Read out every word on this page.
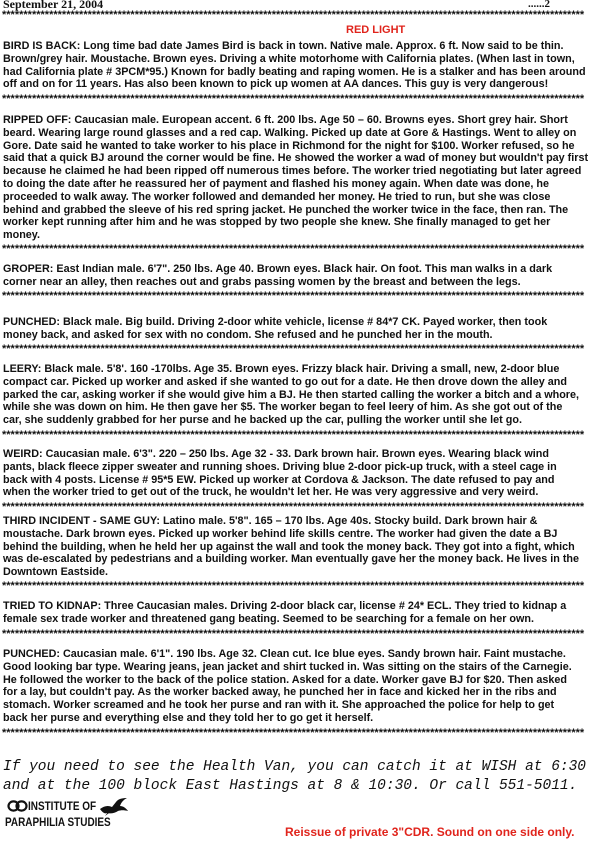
September 21, 2004	......2
****************************************************************************************************************************************
RED LIGHT
BIRD IS BACK: Long time bad date James Bird is back in town. Native male. Approx. 6 ft. Now said to be thin.
Brown/grey hair. Moustache. Brown eyes. Driving a white motorhome with California plates. (When last in town,
had California plate # 3PCM*95.) Known for badly beating and raping women. He is a stalker and has been around
off and on for 11 years. Has also been known to pick up women at AA dances. This guy is very dangerous!
****************************************************************************************************************************************
RIPPED OFF: Caucasian male. European accent. 6 ft. 200 lbs. Age 50 – 60. Browns eyes. Short grey hair. Short
beard. Wearing large round glasses and a red cap. Walking. Picked up date at Gore & Hastings. Went to alley on
Gore. Date said he wanted to take worker to his place in Richmond for the night for $100. Worker refused, so he
said that a quick BJ around the corner would be fine. He showed the worker a wad of money but wouldn't pay first
because he claimed he had been ripped off numerous times before. The worker tried negotiating but later agreed
to doing the date after he reassured her of payment and flashed his money again. When date was done, he
proceeded to walk away. The worker followed and demanded her money. He tried to run, but she was close
behind and grabbed the sleeve of his red spring jacket. He punched the worker twice in the face, then ran. The
worker kept running after him and he was stopped by two people she knew. She finally managed to get her
money.
****************************************************************************************************************************************
GROPER: East Indian male. 6'7". 250 lbs. Age 40. Brown eyes. Black hair. On foot. This man walks in a dark
corner near an alley, then reaches out and grabs passing women by the breast and between the legs.
****************************************************************************************************************************************
PUNCHED: Black male. Big build. Driving 2-door white vehicle, license # 84*7 CK. Payed worker, then took
money back, and asked for sex with no condom. She refused and he punched her in the mouth.
****************************************************************************************************************************************
LEERY: Black male. 5'8'. 160 -170lbs. Age 35. Brown eyes. Frizzy black hair. Driving a small, new, 2-door blue
compact car. Picked up worker and asked if she wanted to go out for a date. He then drove down the alley and
parked the car, asking worker if she would give him a BJ. He then started calling the worker a bitch and a whore,
while she was down on him. He then gave her $5. The worker began to feel leery of him. As she got out of the
car, she suddenly grabbed for her purse and he backed up the car, pulling the worker until she let go.
****************************************************************************************************************************************
WEIRD: Caucasian male. 6'3". 220 – 250 lbs. Age 32 - 33. Dark brown hair. Brown eyes. Wearing black wind
pants, black fleece zipper sweater and running shoes. Driving blue 2-door pick-up truck, with a steel cage in
back with 4 posts. License # 95*5 EW. Picked up worker at Cordova & Jackson. The date refused to pay and
when the worker tried to get out of the truck, he wouldn't let her. He was very aggressive and very weird.
****************************************************************************************************************************************
THIRD INCIDENT - SAME GUY: Latino male. 5'8". 165 – 170 lbs. Age 40s. Stocky build. Dark brown hair &
moustache. Dark brown eyes. Picked up worker behind life skills centre. The worker had given the date a BJ
behind the building, when he held her up against the wall and took the money back. They got into a fight, which
was de-escalated by pedestrians and a building worker. Man eventually gave her the money back. He lives in the
Downtown Eastside.
****************************************************************************************************************************************
TRIED TO KIDNAP: Three Caucasian males. Driving 2-door black car, license # 24* ECL. They tried to kidnap a
female sex trade worker and threatened gang beating. Seemed to be searching for a female on her own.
****************************************************************************************************************************************
PUNCHED: Caucasian male. 6'1". 190 lbs. Age 32. Clean cut. Ice blue eyes. Sandy brown hair. Faint mustache.
Good looking bar type. Wearing jeans, jean jacket and shirt tucked in. Was sitting on the stairs of the Carnegie.
He followed the worker to the back of the police station. Asked for a date. Worker gave BJ for $20. Then asked
for a lay, but couldn't pay. As the worker backed away, he punched her in face and kicked her in the ribs and
stomach. Worker screamed and he took her purse and ran with it. She approached the police for help to get
back her purse and everything else and they told her to go get it herself.
****************************************************************************************************************************************
If you need to see the Health Van, you can catch it at WISH at 6:30
and at the 100 block East Hastings at 8 & 10:30. Or call 551-5011.
INSTITUTE OF
PARAPHILIA STUDIES
Reissue of private 3"CDR. Sound on one side only.
